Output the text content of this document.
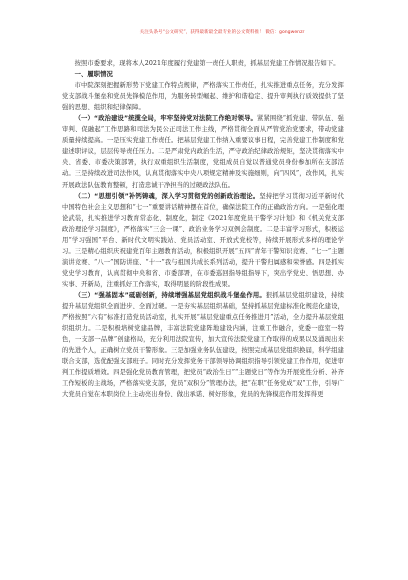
关注头条号“公文研究”，获得最新最全最专业的公文资料推！ 微信：gongwenzr

按照市委要求，现将本人2021年度履行党建第一责任人职责，抓基层党建工作情况报告如下。

一、履职情况

市中院深刻把握新形势下党建工作特点规律，严格落实工作责任，扎实推进重点任务，充分发挥党支部战斗堡垒和党员先锋模范作用，为服务转型崛起、维护和谐稳定、提升审判执行质效提供了坚强的思想、组织和纪律保障。

（一）“政治建设”统揽全局，牢牢坚持党对法院工作绝对领导。紧紧围绕“抓党建、带队伍、强审判、促融起”工作思路和司法为民公正司法工作主线，严格贯彻全面从严管党治党要求，带动党建质量持续提高。一是压实党建工作责任。把基层党建工作纳入重要议事日程，完善党建工作制度和党建述职评议，层层传导责任压力。二是严肃党内政治生活，严守政治纪律政治规矩，坚决贯彻落实中央、省委、市委决策部署，执行双重组织生活制度，党组成员自觉以普通党员身份参加所在支部活动。三是持续改进司法作风，认真贯彻落实中央八项规定精神及实施细则，向“四风”，改作风，扎实开展政法队伍教育整顿，打造忠诚干净担当的过硬政法队伍。

（二）“思想引领”补钙铸魂，深入学习贯彻党的创新政治理论。坚持把学习贯彻习近平新时代中国特色社会主义思想和“七一”重要讲话精神摆在首位，确保法院工作的正确政治方向。一是强化理论武装，扎实推进学习教育常态化、制度化，制定《2021年度党员干警学习计划》和《机关党支部政治理论学习制度》，严格落实“三会一课”、政治业务学习双例会制度。二是丰富学习形式，积极运用“学习强国”平台、新时代文明实践站、党员活动室、开放式党校等，持续开展形式多样的理论学习。三是精心组织庆祝建党百年主题教育活动，积极组织开展“五四”青年干警知识竞赛、“七一”主题演讲竞赛、“八一”国防讲座、“十一”我与祖国共成长系列活动，提升干警归属感和荣誉感。四是抓实党史学习教育，认真贯彻中央和省、市委部署，在市委巡回指导组指导下，突出学党史、悟思想、办实事、开新局，注重抓好工作落实，取得明显的阶段性成果。

（三）“强基固本”砥砺创新，持续增强基层党组织战斗堡垒作用。狠抓基层党组织建设，持续提升基层党组织全面进步、全面过硬。一是夯实基层组织基础，坚持抓基层党建标准化规范化建设，严格按照“六有”标准打造党员活动室，扎实开展“基层党建重点任务推进月”活动，全力提升基层党组织组织力。二是积极培树党建品牌，丰富法院党建阵地建设内涵，注重工作融合，党委一庭室一特色，一支部一品牌”创建格局，充分利用法院宣传，加大宣传法院党建工作取得的成果以及涌现出来的先进个人，正确树立党员干警形象。三是加强业务队伍建设，按照完成基层党组织换届，科学组建联合支部，选优配强支部班子。同时充分发挥党务干部领导协调组织指导引领党建工作作用，促进审判工作提质增效。四是强化党员教育管理，把党员“政治生日”“主题党日”等作为开展党性分析、补齐工作短板的主战场，严格落实党支部，党员“双积分”管理办法，把“在职”任务党成“双”工作，引导广大党员自觉在本职岗位上主动亮出身份、做出承诺、树好形象，党员的先锋模范作用发挥得更
